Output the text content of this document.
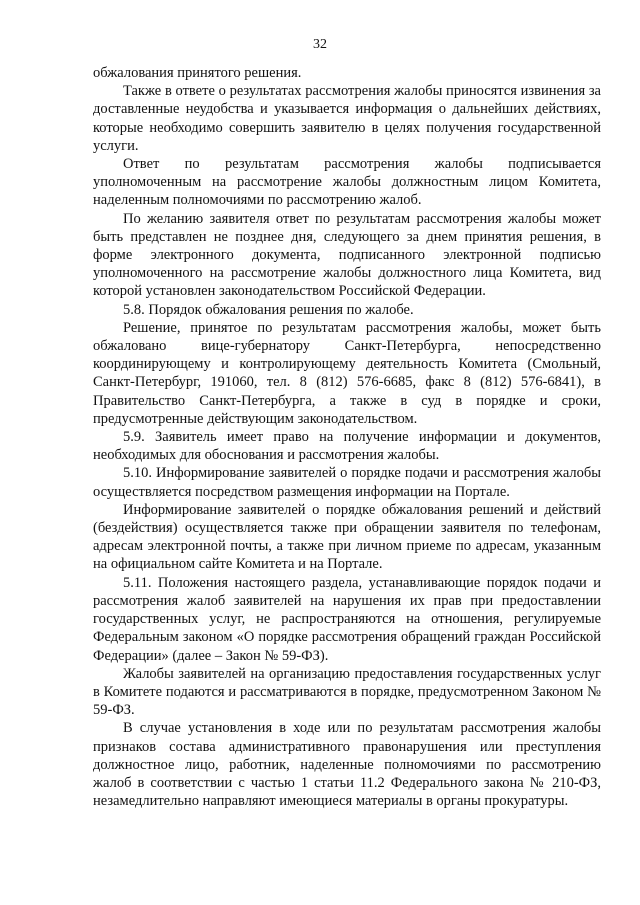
32

обжалования принятого решения.

Также в ответе о результатах рассмотрения жалобы приносятся извинения за доставленные неудобства и указывается информация о дальнейших действиях, которые необходимо совершить заявителю в целях получения государственной услуги.

Ответ по результатам рассмотрения жалобы подписывается уполномоченным на рассмотрение жалобы должностным лицом Комитета, наделенным полномочиями по рассмотрению жалоб.

По желанию заявителя ответ по результатам рассмотрения жалобы может быть представлен не позднее дня, следующего за днем принятия решения, в форме электронного документа, подписанного электронной подписью уполномоченного на рассмотрение жалобы должностного лица Комитета, вид которой установлен законодательством Российской Федерации.

5.8. Порядок обжалования решения по жалобе.

Решение, принятое по результатам рассмотрения жалобы, может быть обжаловано вице-губернатору Санкт-Петербурга, непосредственно координирующему и контролирующему деятельность Комитета (Смольный, Санкт-Петербург, 191060, тел. 8 (812) 576-6685, факс 8 (812) 576-6841), в Правительство Санкт-Петербурга, а также в суд в порядке и сроки, предусмотренные действующим законодательством.

5.9. Заявитель имеет право на получение информации и документов, необходимых для обоснования и рассмотрения жалобы.

5.10. Информирование заявителей о порядке подачи и рассмотрения жалобы осуществляется посредством размещения информации на Портале.

Информирование заявителей о порядке обжалования решений и действий (бездействия) осуществляется также при обращении заявителя по телефонам, адресам электронной почты, а также при личном приеме по адресам, указанным на официальном сайте Комитета и на Портале.

5.11. Положения настоящего раздела, устанавливающие порядок подачи и рассмотрения жалоб заявителей на нарушения их прав при предоставлении государственных услуг, не распространяются на отношения, регулируемые Федеральным законом «О порядке рассмотрения обращений граждан Российской Федерации» (далее – Закон № 59-ФЗ).

Жалобы заявителей на организацию предоставления государственных услуг в Комитете подаются и рассматриваются в порядке, предусмотренном Законом № 59-ФЗ.

В случае установления в ходе или по результатам рассмотрения жалобы признаков состава административного правонарушения или преступления должностное лицо, работник, наделенные полномочиями по рассмотрению жалоб в соответствии с частью 1 статьи 11.2 Федерального закона № 210-ФЗ, незамедлительно направляют имеющиеся материалы в органы прокуратуры.
